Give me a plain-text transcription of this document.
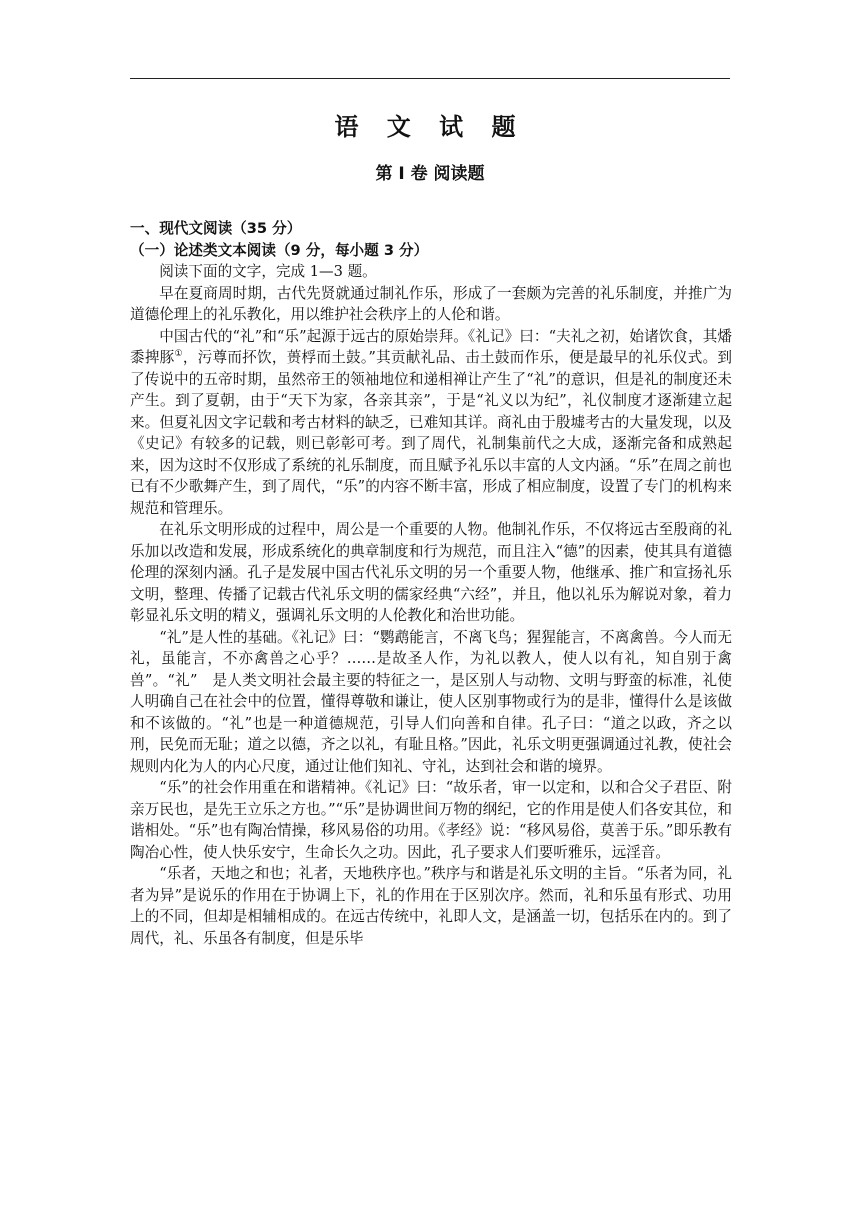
语 文 试 题
第 I 卷 阅读题

一、现代文阅读（35 分）

（一）论述类文本阅读（9 分，每小题 3 分）

阅读下面的文字，完成 1—3 题。

早在夏商周时期，古代先贤就通过制礼作乐，形成了一套颇为完善的礼乐制度，并推广为道德伦理上的礼乐教化，用以维护社会秩序上的人伦和谐。

中国古代的“礼”和“乐”起源于远古的原始崇拜。《礼记》曰：“夫礼之初，始诸饮食，其燔黍捭豚①，污尊而抔饮，蒉桴而土鼓。”其贡献礼品、击土鼓而作乐，便是最早的礼乐仪式。到了传说中的五帝时期，虽然帝王的领袖地位和递相禅让产生了“礼”的意识，但是礼的制度还未产生。到了夏朝，由于“天下为家，各亲其亲”，于是“礼义以为纪”，礼仪制度才逐渐建立起来。但夏礼因文字记载和考古材料的缺乏，已难知其详。商礼由于殷墟考古的大量发现，以及《史记》有较多的记载，则已彰彰可考。到了周代，礼制集前代之大成，逐渐完备和成熟起来，因为这时不仅形成了系统的礼乐制度，而且赋予礼乐以丰富的人文内涵。“乐”在周之前也已有不少歌舞产生，到了周代，“乐”的内容不断丰富，形成了相应制度，设置了专门的机构来规范和管理乐。

在礼乐文明形成的过程中，周公是一个重要的人物。他制礼作乐，不仅将远古至殷商的礼乐加以改造和发展，形成系统化的典章制度和行为规范，而且注入“德”的因素，使其具有道德伦理的深刻内涵。孔子是发展中国古代礼乐文明的另一个重要人物，他继承、推广和宣扬礼乐文明，整理、传播了记载古代礼乐文明的儒家经典“六经”，并且，他以礼乐为解说对象，着力彰显礼乐文明的精义，强调礼乐文明的人伦教化和治世功能。

“礼”是人性的基础。《礼记》曰：“鹦鹉能言，不离飞鸟；猩猩能言，不离禽兽。今人而无礼，虽能言，不亦禽兽之心乎？……是故圣人作，为礼以教人，使人以有礼，知自别于禽兽”。“礼”　是人类文明社会最主要的特征之一，是区别人与动物、文明与野蛮的标准，礼使人明确自己在社会中的位置，懂得尊敬和谦让，使人区别事物或行为的是非，懂得什么是该做和不该做的。“礼”也是一种道德规范，引导人们向善和自律。孔子曰：“道之以政，齐之以刑，民免而无耻；道之以德，齐之以礼，有耻且格。”因此，礼乐文明更强调通过礼教，使社会规则内化为人的内心尺度，通过让他们知礼、守礼，达到社会和谐的境界。

“乐”的社会作用重在和谐精神。《礼记》曰：“故乐者，审一以定和，以和合父子君臣、附亲万民也，是先王立乐之方也。”“乐”是协调世间万物的纲纪，它的作用是使人们各安其位，和谐相处。“乐”也有陶冶情操，移风易俗的功用。《孝经》说：“移风易俗，莫善于乐。”即乐教有陶冶心性，使人快乐安宁，生命长久之功。因此，孔子要求人们要听雅乐，远淫音。

“乐者，天地之和也；礼者，天地秩序也。”秩序与和谐是礼乐文明的主旨。“乐者为同，礼者为异”是说乐的作用在于协调上下，礼的作用在于区别次序。然而，礼和乐虽有形式、功用上的不同，但却是相辅相成的。在远古传统中，礼即人文，是涵盖一切，包括乐在内的。到了周代，礼、乐虽各有制度，但是乐毕
